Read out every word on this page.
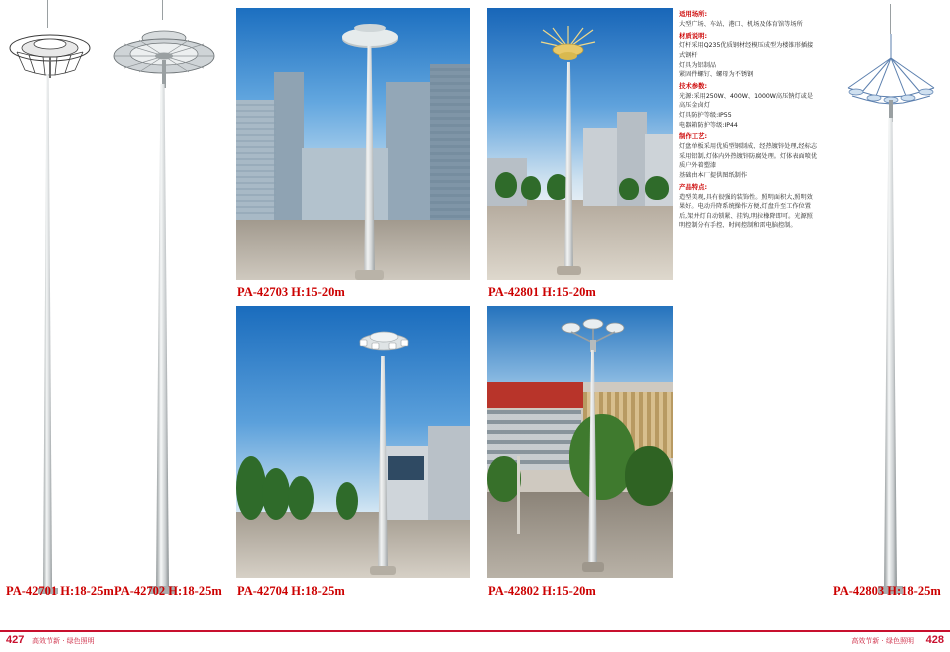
PA-42703 H:15-20m	PA-42801 H:15-20m

适用场所:

大型广场、车站、港口、机场及体育馆等场所

材质说明:

灯杆采用Q235优质钢材经模压成型为楼锥形插接式钢杆

灯具为铝制品

紧固件螺钉、螺母为不锈钢

技术参数:

光源:采用250W、400W、1000W高压钠灯或是高压金卤灯

灯具防护等级:IP55

电器箱防护等级:IP44

制作工艺:

灯盘单板采用优质型钢制成、经热镀锌处理,经标志采用铝制,灯体内外热镀锌防腐处理。灯体表面喷优质户外着塑漆

基础由本厂提供图纸制作

产品特点:

造型美观,具有很强的装饰性。照明面积大,照明效果好。电动升降系统操作方便,灯盘升至工作位置后,架并灯自动锁紧、挂钩,明拉橡降即可。光源照明控制分有手控、时间控制和雷电脑控制。

PA-42704 H:18-25m	PA-42802 H:15-20m
PA-42701 H:18-25m PA-42702 H:18-25m	PA-42803 H:18-25m
427 高效节新 · 绿色照明	高效节新 · 绿色照明 428
